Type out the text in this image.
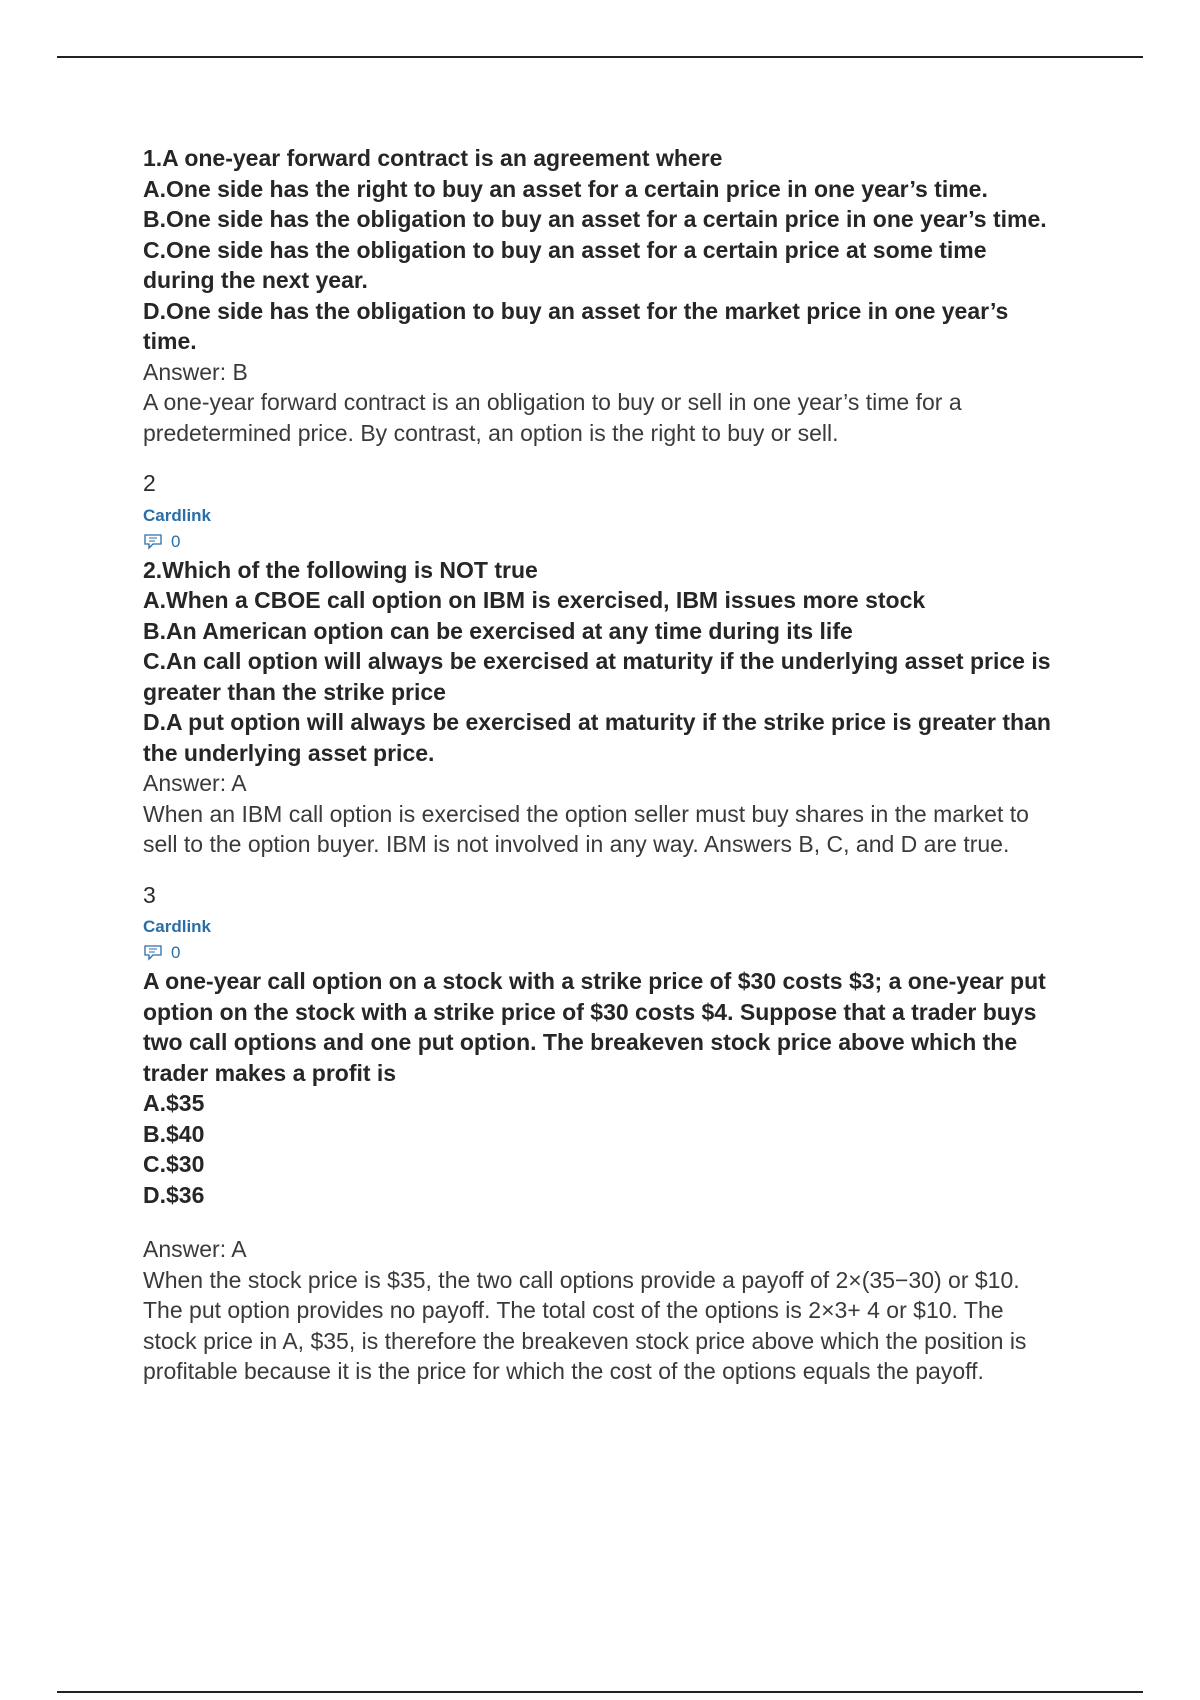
1.A one-year forward contract is an agreement where
A.One side has the right to buy an asset for a certain price in one year’s time.
B.One side has the obligation to buy an asset for a certain price in one year’s time.
C.One side has the obligation to buy an asset for a certain price at some time during the next year.
D.One side has the obligation to buy an asset for the market price in one year’s time.
Answer: B
A one-year forward contract is an obligation to buy or sell in one year’s time for a predetermined price. By contrast, an option is the right to buy or sell.
2
Cardlink
0
2.Which of the following is NOT true
A.When a CBOE call option on IBM is exercised, IBM issues more stock
B.An American option can be exercised at any time during its life
C.An call option will always be exercised at maturity if the underlying asset price is greater than the strike price
D.A put option will always be exercised at maturity if the strike price is greater than the underlying asset price.
Answer: A
When an IBM call option is exercised the option seller must buy shares in the market to sell to the option buyer. IBM is not involved in any way. Answers B, C, and D are true.
3
Cardlink
0
A one-year call option on a stock with a strike price of $30 costs $3; a one-year put option on the stock with a strike price of $30 costs $4. Suppose that a trader buys two call options and one put option. The breakeven stock price above which the trader makes a profit is
A.$35
B.$40
C.$30
D.$36
Answer: A
When the stock price is $35, the two call options provide a payoff of 2×(35−30) or $10. The put option provides no payoff. The total cost of the options is 2×3+ 4 or $10. The stock price in A, $35, is therefore the breakeven stock price above which the position is profitable because it is the price for which the cost of the options equals the payoff.
